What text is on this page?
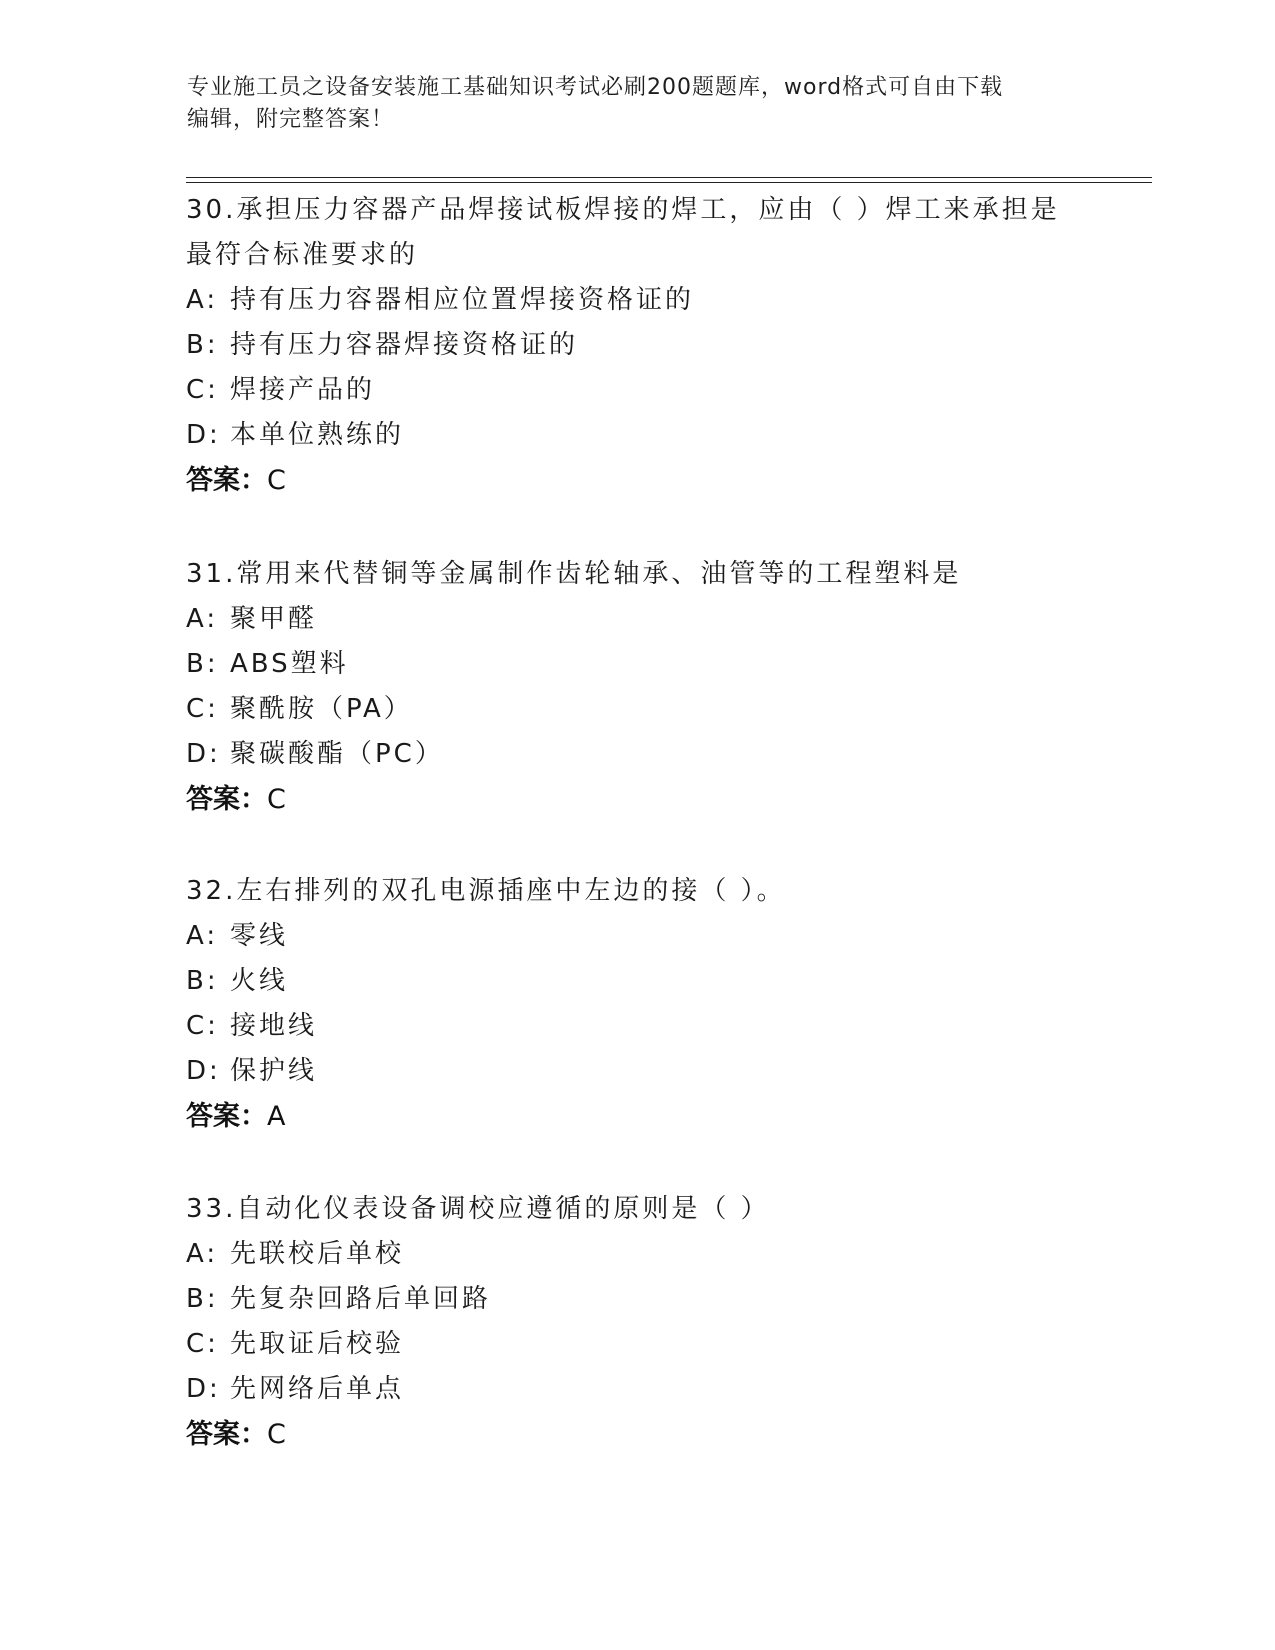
专业施工员之设备安装施工基础知识考试必刷200题题库，word格式可自由下载
编辑，附完整答案！
30.承担压力容器产品焊接试板焊接的焊工，应由（ ）焊工来承担是
最符合标准要求的
A: 持有压力容器相应位置焊接资格证的
B: 持有压力容器焊接资格证的
C: 焊接产品的
D: 本单位熟练的
答案：C
31.常用来代替铜等金属制作齿轮轴承、油管等的工程塑料是
A: 聚甲醛
B: ABS塑料
C: 聚酰胺（PA）
D: 聚碳酸酯（PC）
答案：C
32.左右排列的双孔电源插座中左边的接（ ）。
A: 零线
B: 火线
C: 接地线
D: 保护线
答案：A
33.自动化仪表设备调校应遵循的原则是（ ）
A: 先联校后单校
B: 先复杂回路后单回路
C: 先取证后校验
D: 先网络后单点
答案：C
